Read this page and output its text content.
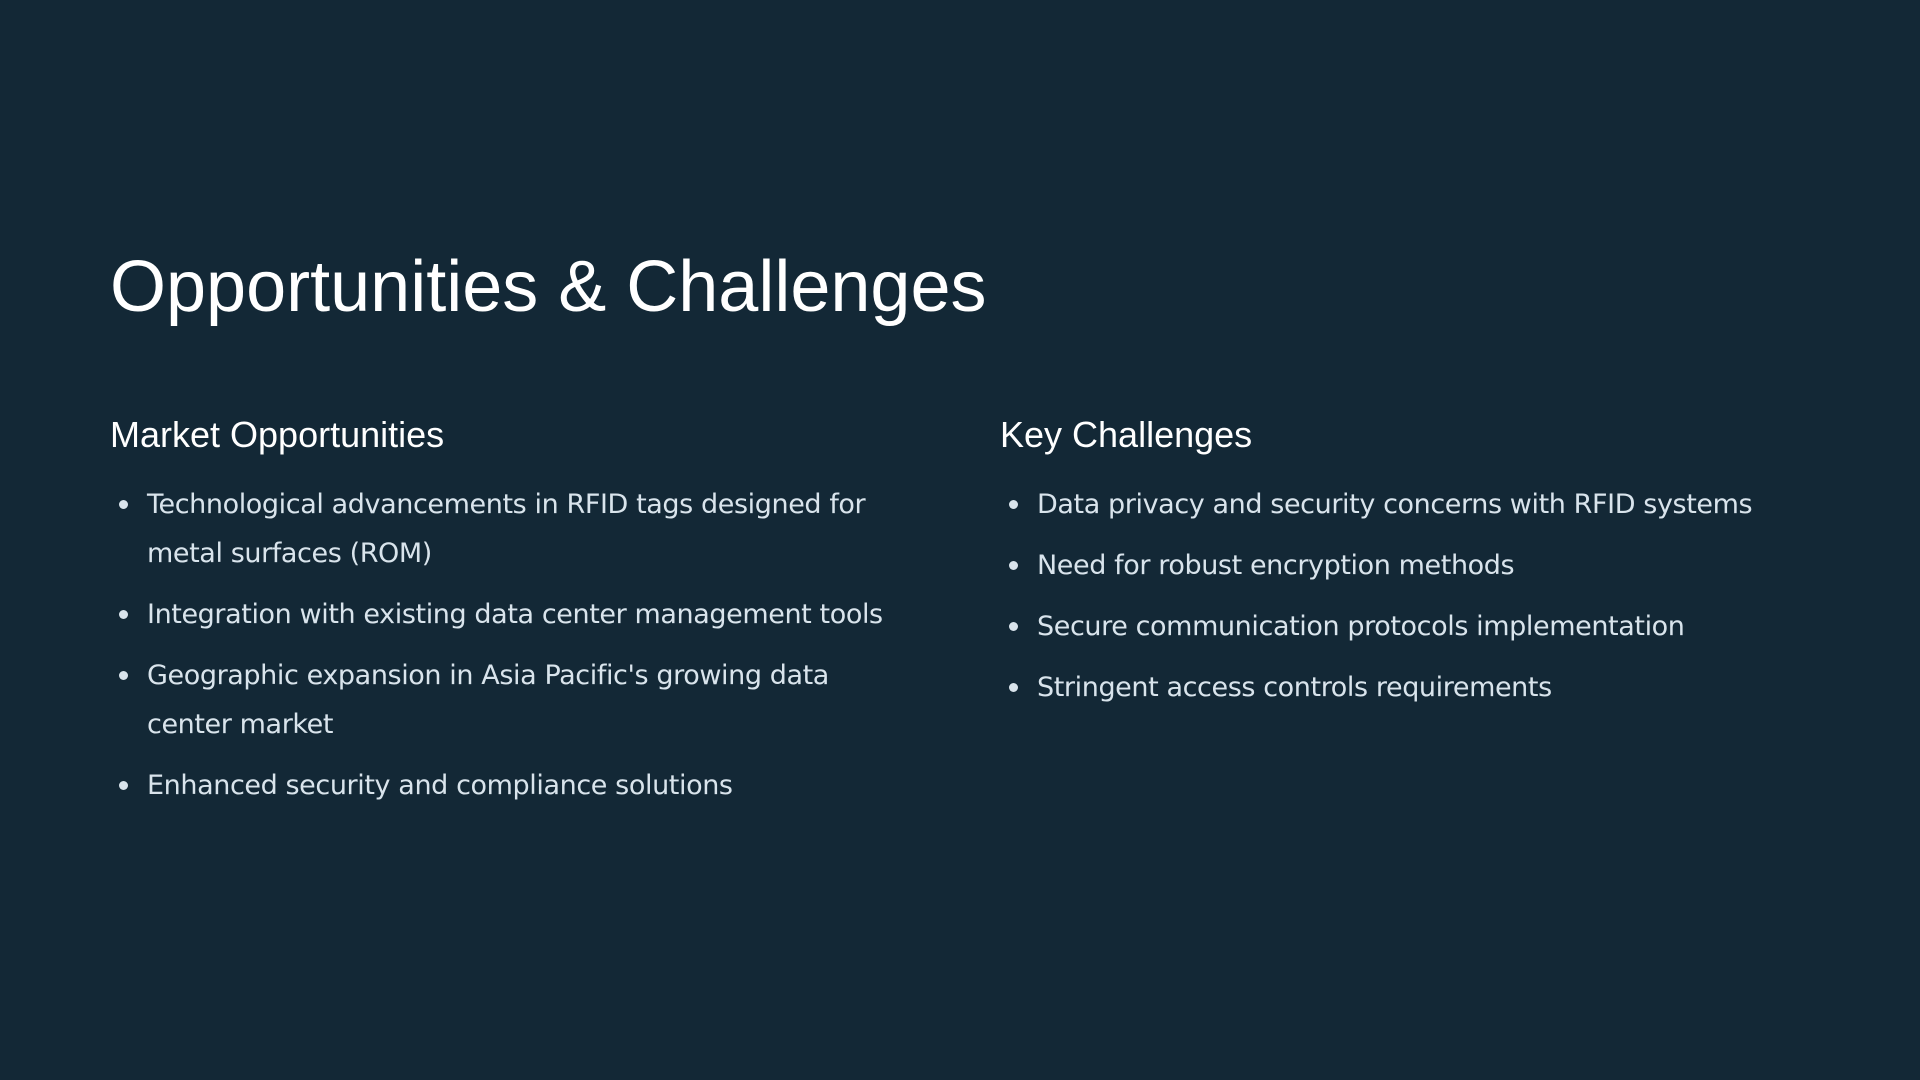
Opportunities & Challenges
Market Opportunities
Technological advancements in RFID tags designed for metal surfaces (ROM)
Integration with existing data center management tools
Geographic expansion in Asia Pacific's growing data center market
Enhanced security and compliance solutions
Key Challenges
Data privacy and security concerns with RFID systems
Need for robust encryption methods
Secure communication protocols implementation
Stringent access controls requirements
